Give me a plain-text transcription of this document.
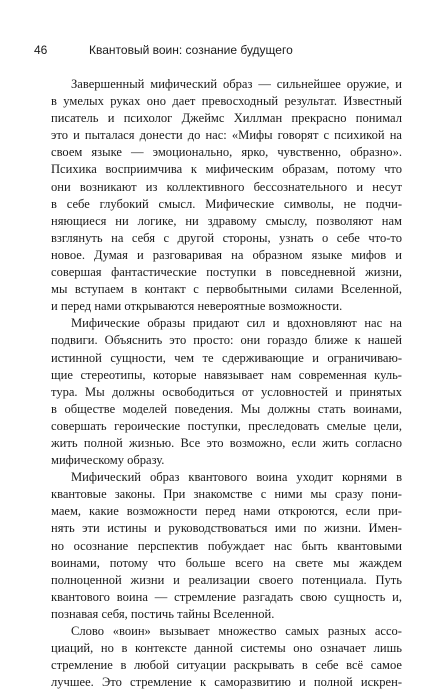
46	Квантовый воин: сознание будущего
Завершенный мифический образ — сильнейшее оружие, и
в умелых руках оно дает превосходный результат. Известный
писатель и психолог Джеймс Хиллман прекрасно понимал
это и пыталася донести до нас: «Мифы говорят с психикой на
своем языке — эмоционально, ярко, чувственно, образно».
Психика восприимчива к мифическим образам, потому что
они возникают из коллективного бессознательного и несут
в себе глубокий смысл. Мифические символы, не подчи-
няющиеся ни логике, ни здравому смыслу, позволяют нам
взглянуть на себя с другой стороны, узнать о себе что-то
новое. Думая и разговаривая на образном языке мифов и
совершая фантастические поступки в повседневной жизни,
мы вступаем в контакт с первобытными силами Вселенной,
и перед нами открываются невероятные возможности.
Мифические образы придают сил и вдохновляют нас на
подвиги. Объяснить это просто: они гораздо ближе к нашей
истинной сущности, чем те сдерживающие и ограничиваю-
щие стереотипы, которые навязывает нам современная куль-
тура. Мы должны освободиться от условностей и принятых
в обществе моделей поведения. Мы должны стать воинами,
совершать героические поступки, преследовать смелые цели,
жить полной жизнью. Все это возможно, если жить согласно
мифическому образу.
Мифический образ квантового воина уходит корнями в
квантовые законы. При знакомстве с ними мы сразу пони-
маем, какие возможности перед нами откроются, если при-
нять эти истины и руководствоваться ими по жизни. Имен-
но осознание перспектив побуждает нас быть квантовыми
воинами, потому что больше всего на свете мы жаждем
полноценной жизни и реализации своего потенциала. Путь
квантового воина — стремление разгадать свою сущность и,
познавая себя, постичь тайны Вселенной.
Слово «воин» вызывает множество самых разных ассо-
циаций, но в контексте данной системы оно означает лишь
стремление в любой ситуации раскрывать в себе всё самое
лучшее. Это стремление к саморазвитию и полной искрен-
